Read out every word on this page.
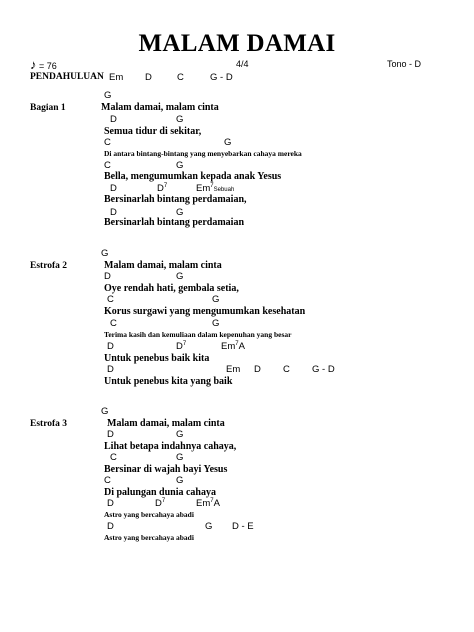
MALAM DAMAI
♪ = 76	4/4	Tono - D
PENDAHULUAN Em D	C	G - D
G
Bagian 1	Malam damai, malam cinta
D	G
Semua tidur di sekitar,
C	G
Di antara bintang-bintang yang menyebarkan cahaya mereka
C	G
Bella, mengumumkan kepada anak Yesus
D	$D^7$	Em$^7$Sebuah
Bersinarlah bintang perdamaian,
D	G
Bersinarlah bintang perdamaian
G
Estrofa 2	Malam damai, malam cinta
D	G
Oye rendah hati, gembala setia,
C	G
Korus surgawi yang mengumumkan kesehatan
C	G
Terima kasih dan kemuliaan dalam kepenuhan yang besar
D	$D^7$	Em$^7$A
Untuk penebus baik kita
D	Em D C G - D
Untuk penebus kita yang baik
G
Estrofa 3	Malam damai, malam cinta
D	G
Lihat betapa indahnya cahaya,
C	G
Bersinar di wajah bayi Yesus
C	G
Di palungan dunia cahaya
D	$D^7$	Em$^7$A
Astro yang bercahaya abadi
D	G D - E
Astro yang bercahaya abadi
